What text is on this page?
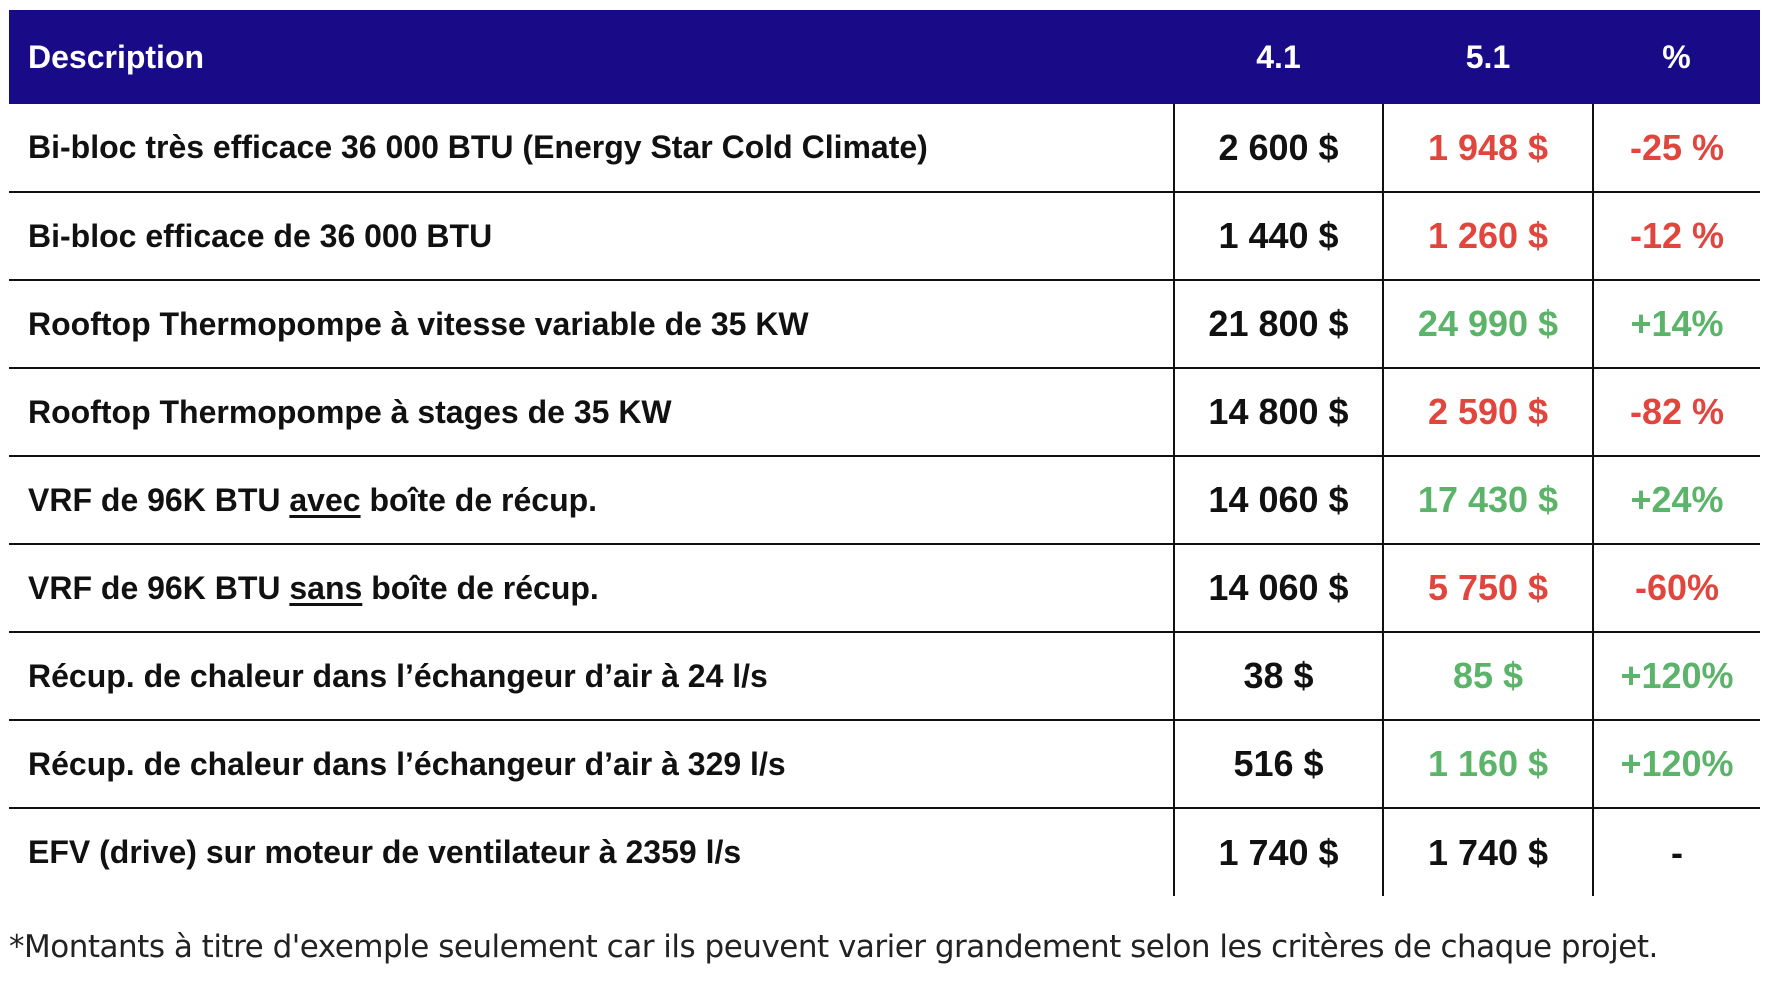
Description	4.1	5.1	%
Bi-bloc très efficace 36 000 BTU (Energy Star Cold Climate)	2 600 $	1 948 $	-25 %
Bi-bloc efficace de 36 000 BTU	1 440 $	1 260 $	-12 %
Rooftop Thermopompe à vitesse variable de 35 KW	21 800 $	24 990 $	+14%
Rooftop Thermopompe à stages de 35 KW	14 800 $	2 590 $	-82 %
VRF de 96K BTU avec boîte de récup.	14 060 $	17 430 $	+24%
VRF de 96K BTU sans boîte de récup.	14 060 $	5 750 $	-60%
Récup. de chaleur dans l’échangeur d’air à 24 l/s	38 $	85 $	+120%
Récup. de chaleur dans l’échangeur d’air à 329 l/s	516 $	1 160 $	+120%
EFV (drive) sur moteur de ventilateur à 2359 l/s	1 740 $	1 740 $	-
*Montants à titre d'exemple seulement car ils peuvent varier grandement selon les critères de chaque projet.
